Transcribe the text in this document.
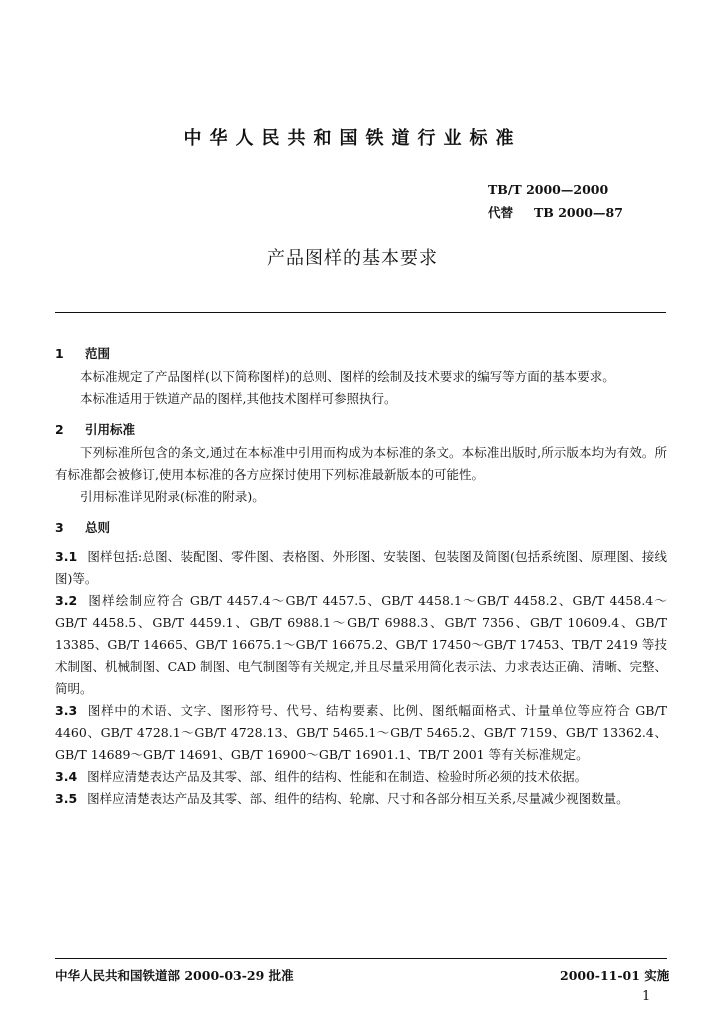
中华人民共和国铁道行业标准
TB/T 2000—2000
代替 TB 2000—87
产品图样的基本要求
1 范围
本标准规定了产品图样(以下简称图样)的总则、图样的绘制及技术要求的编写等方面的基本要求。
本标准适用于铁道产品的图样,其他技术图样可参照执行。
2 引用标准
下列标准所包含的条文,通过在本标准中引用而构成为本标准的条文。本标准出版时,所示版本均为有效。所有标准都会被修订,使用本标准的各方应探讨使用下列标准最新版本的可能性。
引用标准详见附录(标准的附录)。
3 总则
3.1 图样包括:总图、装配图、零件图、表格图、外形图、安装图、包装图及简图(包括系统图、原理图、接线图)等。
3.2 图样绘制应符合 GB/T 4457.4～GB/T 4457.5、GB/T 4458.1～GB/T 4458.2、GB/T 4458.4～GB/T 4458.5、GB/T 4459.1、GB/T 6988.1～GB/T 6988.3、GB/T 7356、GB/T 10609.4、GB/T 13385、GB/T 14665、GB/T 16675.1～GB/T 16675.2、GB/T 17450～GB/T 17453、TB/T 2419 等技术制图、机械制图、CAD 制图、电气制图等有关规定,并且尽量采用简化表示法、力求表达正确、清晰、完整、简明。
3.3 图样中的术语、文字、图形符号、代号、结构要素、比例、图纸幅面格式、计量单位等应符合 GB/T 4460、GB/T 4728.1～GB/T 4728.13、GB/T 5465.1～GB/T 5465.2、GB/T 7159、GB/T 13362.4、GB/T 14689～GB/T 14691、GB/T 16900～GB/T 16901.1、TB/T 2001 等有关标准规定。
3.4 图样应清楚表达产品及其零、部、组件的结构、性能和在制造、检验时所必须的技术依据。
3.5 图样应清楚表达产品及其零、部、组件的结构、轮廓、尺寸和各部分相互关系,尽量减少视图数量。
中华人民共和国铁道部 2000-03-29 批准	2000-11-01 实施
1
